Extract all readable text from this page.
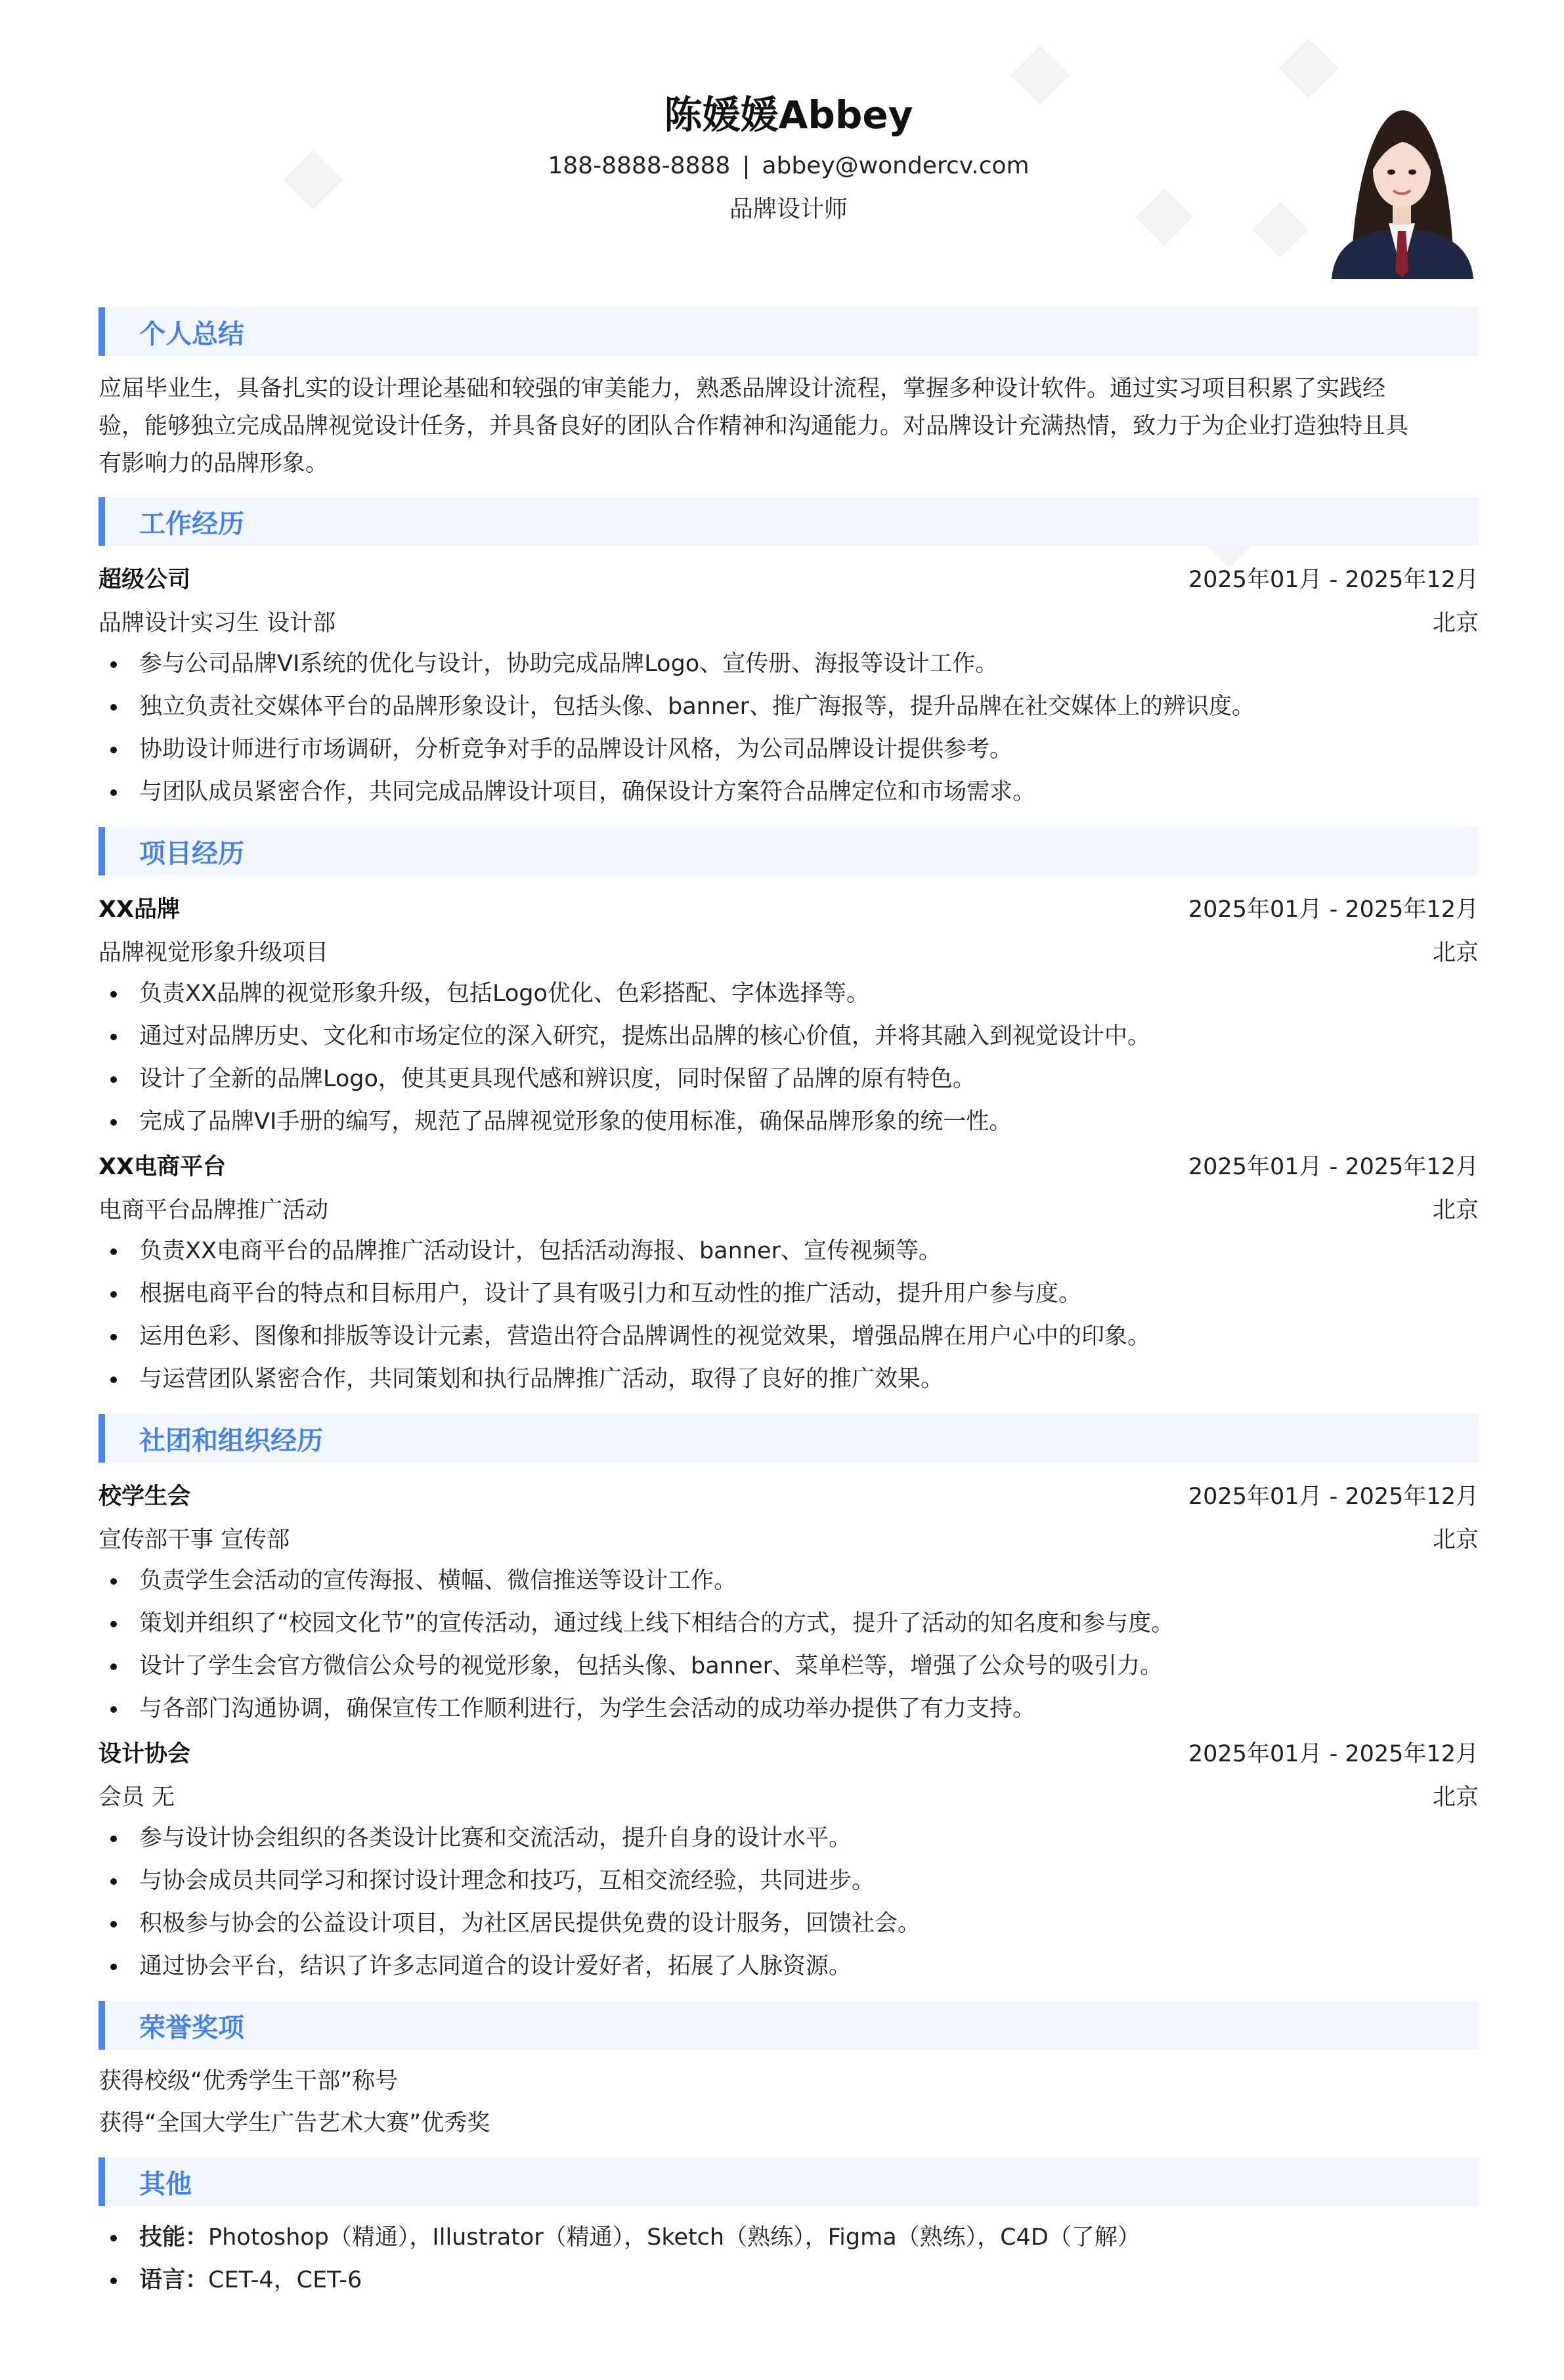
陈媛媛Abbey
188-8888-8888 | abbey@wondercv.com
品牌设计师
个人总结

应届毕业生，具备扎实的设计理论基础和较强的审美能力，熟悉品牌设计流程，掌握多种设计软件。通过实习项目积累了实践经

验，能够独立完成品牌视觉设计任务，并具备良好的团队合作精神和沟通能力。对品牌设计充满热情，致力于为企业打造独特且具

有影响力的品牌形象。

工作经历
超级公司	2025年01月 - 2025年12月
品牌设计实习生 设计部	北京
参与公司品牌VI系统的优化与设计，协助完成品牌Logo、宣传册、海报等设计工作。
独立负责社交媒体平台的品牌形象设计，包括头像、banner、推广海报等，提升品牌在社交媒体上的辨识度。
协助设计师进行市场调研，分析竞争对手的品牌设计风格，为公司品牌设计提供参考。
与团队成员紧密合作，共同完成品牌设计项目，确保设计方案符合品牌定位和市场需求。
项目经历
XX品牌	2025年01月 - 2025年12月
品牌视觉形象升级项目	北京
负责XX品牌的视觉形象升级，包括Logo优化、色彩搭配、字体选择等。
通过对品牌历史、文化和市场定位的深入研究，提炼出品牌的核心价值，并将其融入到视觉设计中。
设计了全新的品牌Logo，使其更具现代感和辨识度，同时保留了品牌的原有特色。
完成了品牌VI手册的编写，规范了品牌视觉形象的使用标准，确保品牌形象的统一性。
XX电商平台	2025年01月 - 2025年12月
电商平台品牌推广活动	北京
负责XX电商平台的品牌推广活动设计，包括活动海报、banner、宣传视频等。
根据电商平台的特点和目标用户，设计了具有吸引力和互动性的推广活动，提升用户参与度。
运用色彩、图像和排版等设计元素，营造出符合品牌调性的视觉效果，增强品牌在用户心中的印象。
与运营团队紧密合作，共同策划和执行品牌推广活动，取得了良好的推广效果。
社团和组织经历
校学生会	2025年01月 - 2025年12月
宣传部干事 宣传部	北京
负责学生会活动的宣传海报、横幅、微信推送等设计工作。
策划并组织了“校园文化节”的宣传活动，通过线上线下相结合的方式，提升了活动的知名度和参与度。
设计了学生会官方微信公众号的视觉形象，包括头像、banner、菜单栏等，增强了公众号的吸引力。
与各部门沟通协调，确保宣传工作顺利进行，为学生会活动的成功举办提供了有力支持。
设计协会	2025年01月 - 2025年12月
会员 无	北京
参与设计协会组织的各类设计比赛和交流活动，提升自身的设计水平。
与协会成员共同学习和探讨设计理念和技巧，互相交流经验，共同进步。
积极参与协会的公益设计项目，为社区居民提供免费的设计服务，回馈社会。
通过协会平台，结识了许多志同道合的设计爱好者，拓展了人脉资源。
荣誉奖项
获得校级“优秀学生干部”称号
获得“全国大学生广告艺术大赛”优秀奖
其他
技能：Photoshop（精通），Illustrator（精通），Sketch（熟练），Figma（熟练），C4D（了解）
语言：CET-4，CET-6
